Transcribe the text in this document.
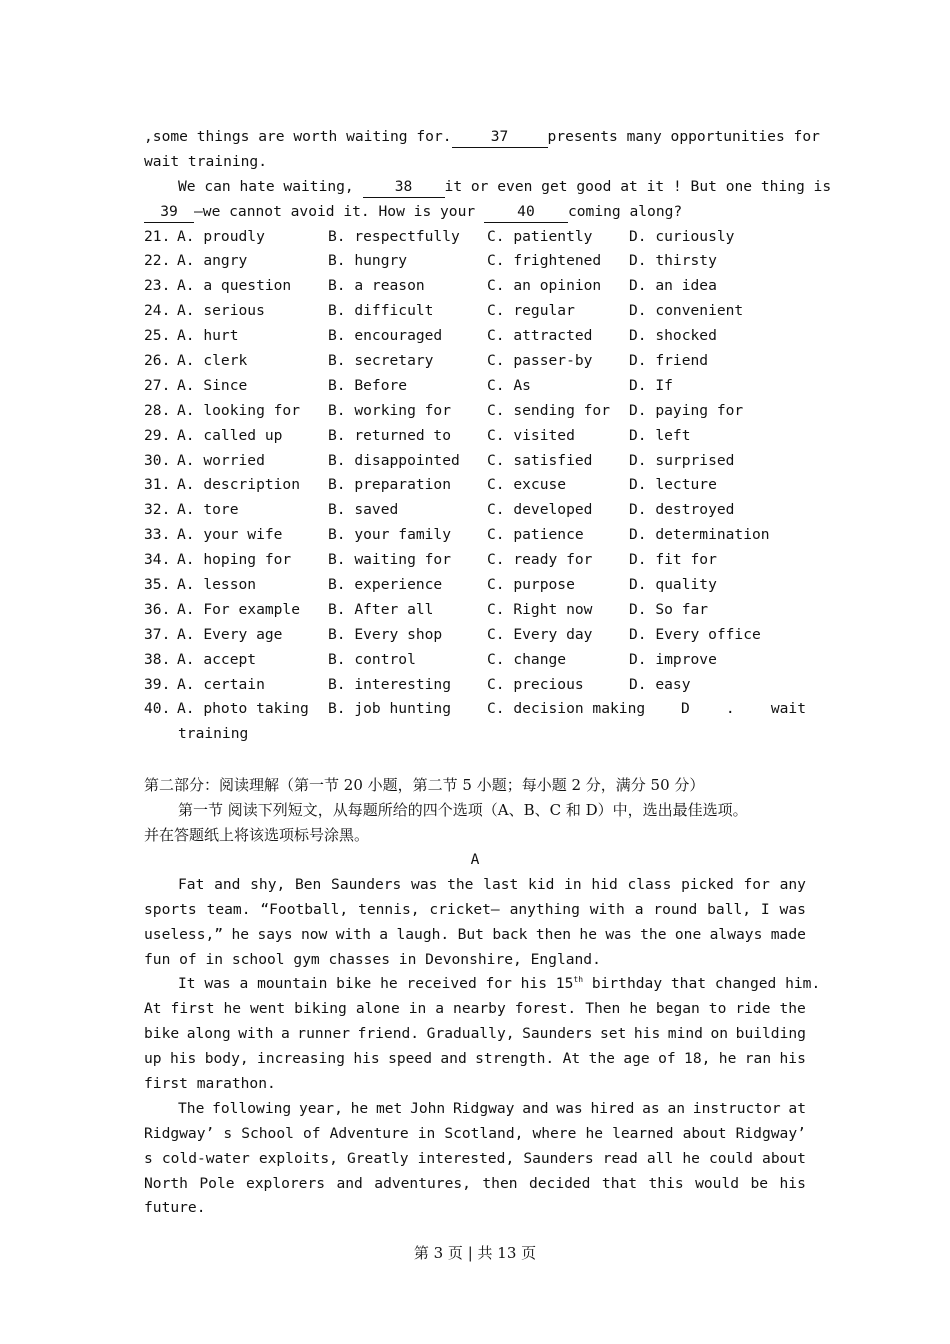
,some things are worth waiting for.	37	presents many opportunities for
wait training.
We can hate waiting,	38 it or even get good at it ! But one thing is
39 —we cannot avoid it. How is your	40 coming along?
21. A. proudly	B. respectfully	C. patiently	D. curiously
22. A. angry	B. hungry	C. frightened	D. thirsty
23. A. a question	B. a reason	C. an opinion	D. an idea
24. A. serious	B. difficult	C. regular	D. convenient
25. A. hurt	B. encouraged	C. attracted	D. shocked
26. A. clerk	B. secretary	C. passer-by	D. friend
27. A. Since	B. Before	C. As	D. If
28. A. looking for	B. working for	C. sending for	D. paying for
29. A. called up	B. returned to	C. visited	D. left
30. A. worried	B. disappointed	C. satisfied	D. surprised
31. A. description	B. preparation	C. excuse	D. lecture
32. A. tore	B. saved	C. developed	D. destroyed
33. A. your wife	B. your family	C. patience	D. determination
34. A. hoping for	B. waiting for	C. ready for	D. fit for
35. A. lesson	B. experience	C. purpose	D. quality
36. A. For example	B. After all	C. Right now	D. So far
37. A. Every age	B. Every shop	C. Every day	D. Every office
38. A. accept	B. control	C. change	D. improve
39. A. certain	B. interesting	C. precious	D. easy
40. A. photo taking	B. job hunting	C. decision making D . wait
training
第二部分：阅读理解（第一节 20 小题，第二节 5 小题；每小题 2 分，满分 50 分）
第一节 阅读下列短文，从每题所给的四个选项（A、B、C 和 D）中，选出最佳选项。
并在答题纸上将该选项标号涂黑。
A
Fat and shy, Ben Saunders was the last kid in hid class picked for any
sports team. “Football, tennis, cricket— anything with a round ball, I was
useless,” he says now with a laugh. But back then he was the one always made
fun of in school gym chasses in Devonshire, England.
It was a mountain bike he received for his 15th birthday that changed him.
At first he went biking alone in a nearby forest. Then he began to ride the
bike along with a runner friend. Gradually, Saunders set his mind on building
up his body, increasing his speed and strength. At the age of 18, he ran his
first marathon.
The following year, he met John Ridgway and was hired as an instructor at
Ridgway’ s School of Adventure in Scotland, where he learned about Ridgway’
s cold-water exploits, Greatly interested, Saunders read all he could about
North Pole explorers and adventures, then decided that this would be his
future.
第 3 页 | 共 13 页
